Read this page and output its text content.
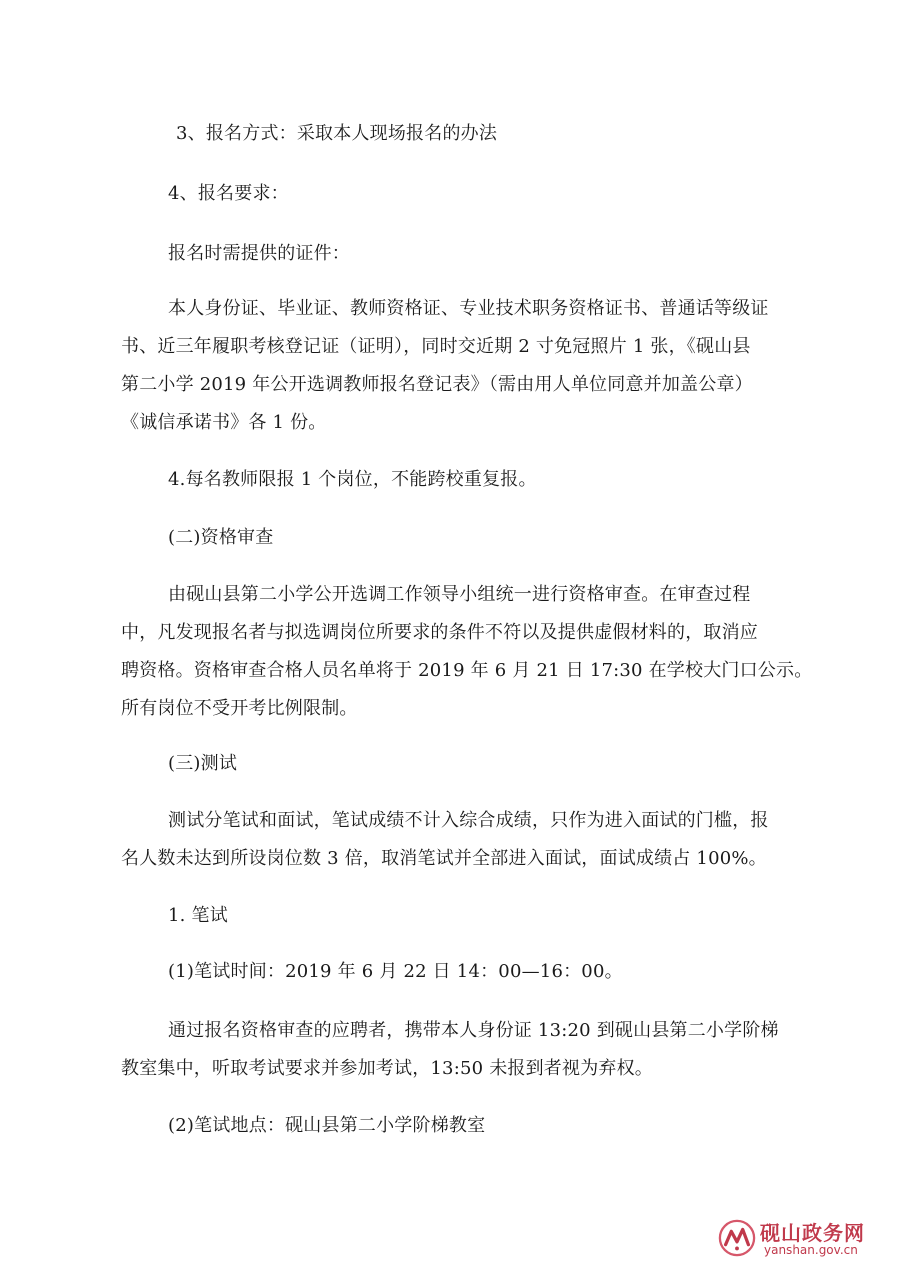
3、报名方式：采取本人现场报名的办法
4、报名要求：
报名时需提供的证件：
本人身份证、毕业证、教师资格证、专业技术职务资格证书、普通话等级证
书、近三年履职考核登记证（证明），同时交近期 2 寸免冠照片 1 张，《砚山县
第二小学 2019 年公开选调教师报名登记表》（需由用人单位同意并加盖公章）
《诚信承诺书》各 1 份。
4.每名教师限报 1 个岗位，不能跨校重复报。
(二)资格审查
由砚山县第二小学公开选调工作领导小组统一进行资格审查。在审查过程
中，凡发现报名者与拟选调岗位所要求的条件不符以及提供虚假材料的，取消应
聘资格。资格审查合格人员名单将于 2019 年 6 月 21 日 17:30 在学校大门口公示。
所有岗位不受开考比例限制。
(三)测试
测试分笔试和面试，笔试成绩不计入综合成绩，只作为进入面试的门槛，报
名人数未达到所设岗位数 3 倍，取消笔试并全部进入面试，面试成绩占 100%。
1. 笔试
(1)笔试时间：2019 年 6 月 22 日 14：00—16：00。
通过报名资格审查的应聘者，携带本人身份证 13:20 到砚山县第二小学阶梯
教室集中，听取考试要求并参加考试，13:50 未报到者视为弃权。
(2)笔试地点：砚山县第二小学阶梯教室
砚山政务网
yanshan.gov.cn
